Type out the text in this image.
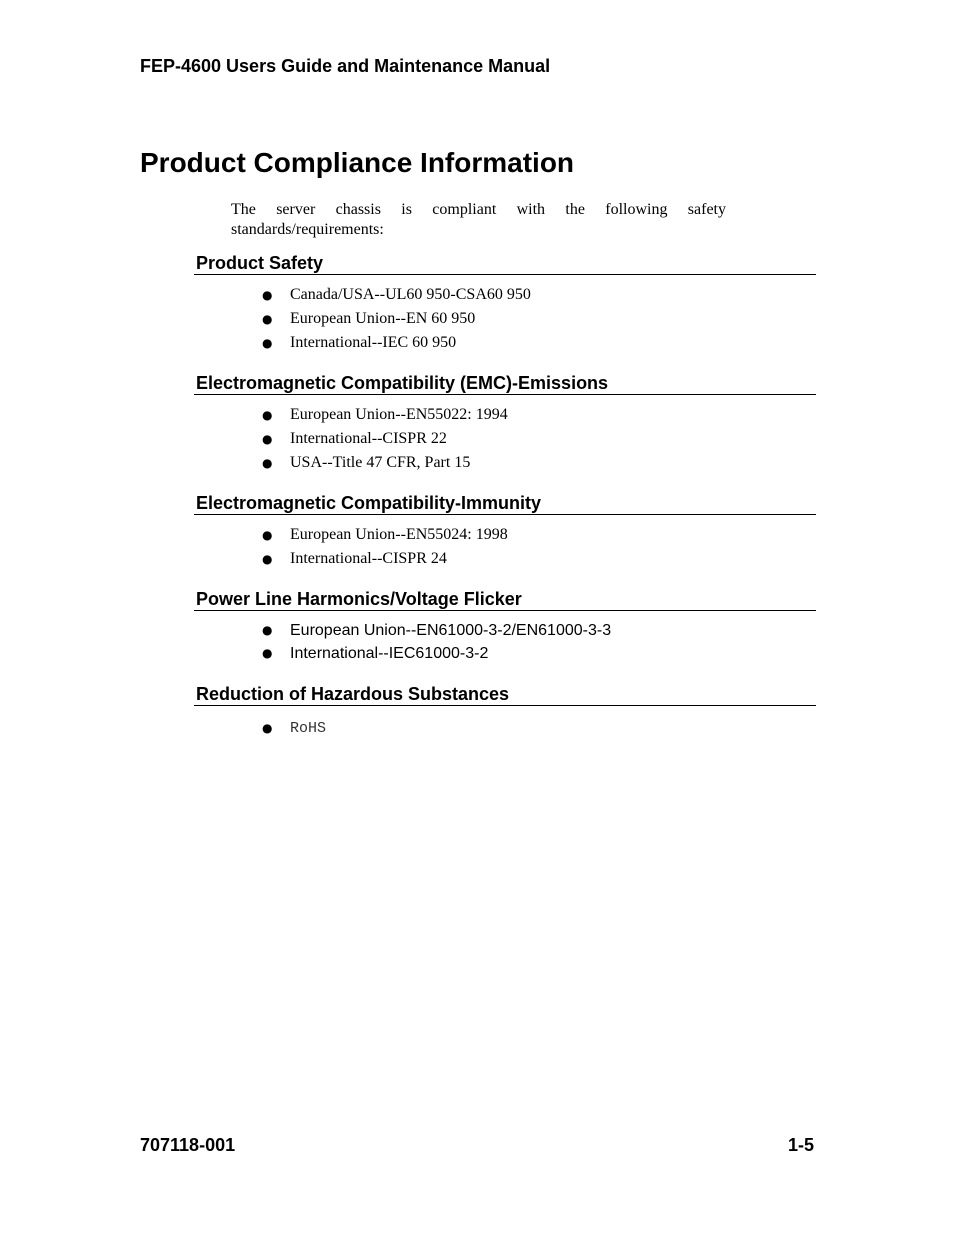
FEP-4600 Users Guide and Maintenance Manual
Product Compliance Information
The server chassis is compliant with the following safety standards/requirements:
Product Safety
● Canada/USA--UL60 950-CSA60 950
● European Union--EN 60 950
● International--IEC 60 950
Electromagnetic Compatibility (EMC)-Emissions
● European Union--EN55022: 1994
● International--CISPR 22
● USA--Title 47 CFR, Part 15
Electromagnetic Compatibility-Immunity
● European Union--EN55024: 1998
● International--CISPR 24
Power Line Harmonics/Voltage Flicker
● European Union--EN61000-3-2/EN61000-3-3
● International--IEC61000-3-2
Reduction of Hazardous Substances
● RoHS
707118-001	1-5
